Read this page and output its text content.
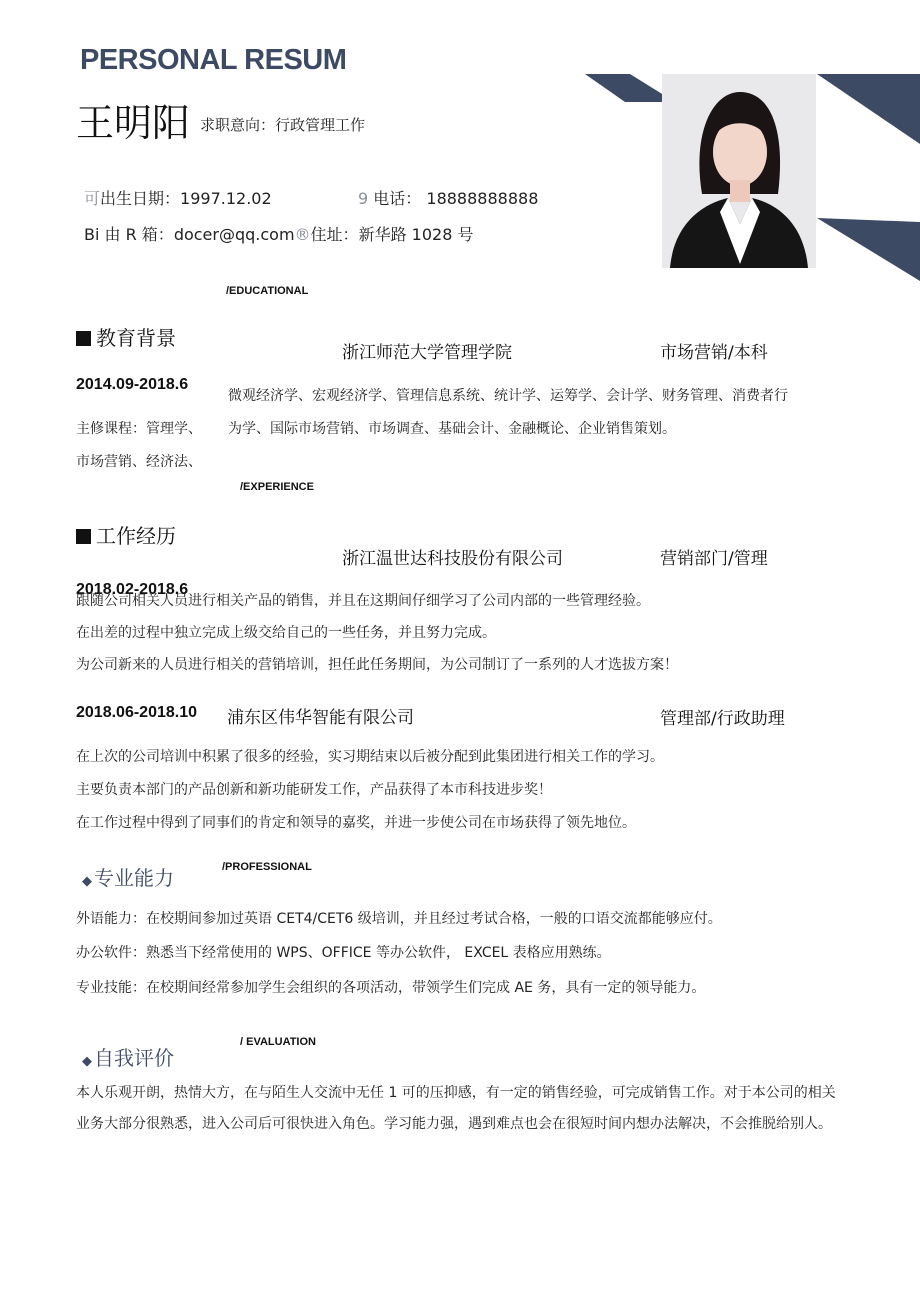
PERSONAL RESUM
王明阳 求职意向：行政管理工作
可出生日期：1997.12.02	9 电话： 18888888888
Bi 由 R 箱：docer@qq.com®住址：新华路 1028 号
/EDUCATIONAL
教育背景
浙江师范大学管理学院	市场营销/本科
2014.09-2018.6
微观经济学、宏观经济学、管理信息系统、统计学、运筹学、会计学、财务管理、消费者行
主修课程：管理学、 为学、国际市场营销、市场调查、基础会计、金融概论、企业销售策划。
市场营销、经济法、
/EXPERIENCE
工作经历
浙江温世达科技股份有限公司	营销部门/管理
2018.02-2018.6
跟随公司相关人员进行相关产品的销售，并且在这期间仔细学习了公司内部的一些管理经验。
在出差的过程中独立完成上级交给自己的一些任务，并且努力完成。
为公司新来的人员进行相关的营销培训，担任此任务期间，为公司制订了一系列的人才选拔方案！
2018.06-2018.10 浦东区伟华智能有限公司	管理部/行政助理
在上次的公司培训中积累了很多的经验，实习期结束以后被分配到此集团进行相关工作的学习。
主要负责本部门的产品创新和新功能研发工作，产品获得了本市科技进步奖！
在工作过程中得到了同事们的肯定和领导的嘉奖，并进一步使公司在市场获得了领先地位。
/PROFESSIONAL
◆ 专业能力
外语能力：在校期间参加过英语 CET4/CET6 级培训，并且经过考试合格，一般的口语交流都能够应付。
办公软件：熟悉当下经常使用的 WPS、OFFICE 等办公软件， EXCEL 表格应用熟练。
专业技能：在校期间经常参加学生会组织的各项活动，带领学生们完成 AE 务，具有一定的领导能力。
/ EVALUATION
◆ 自我评价
本人乐观开朗，热情大方，在与陌生人交流中无任 1 可的压抑感，有一定的销售经验，可完成销售工作。对于本公司的相关业务大部分很熟悉，进入公司后可很快进入角色。学习能力强，遇到难点也会在很短时间内想办法解决，不会推脱给别人。
